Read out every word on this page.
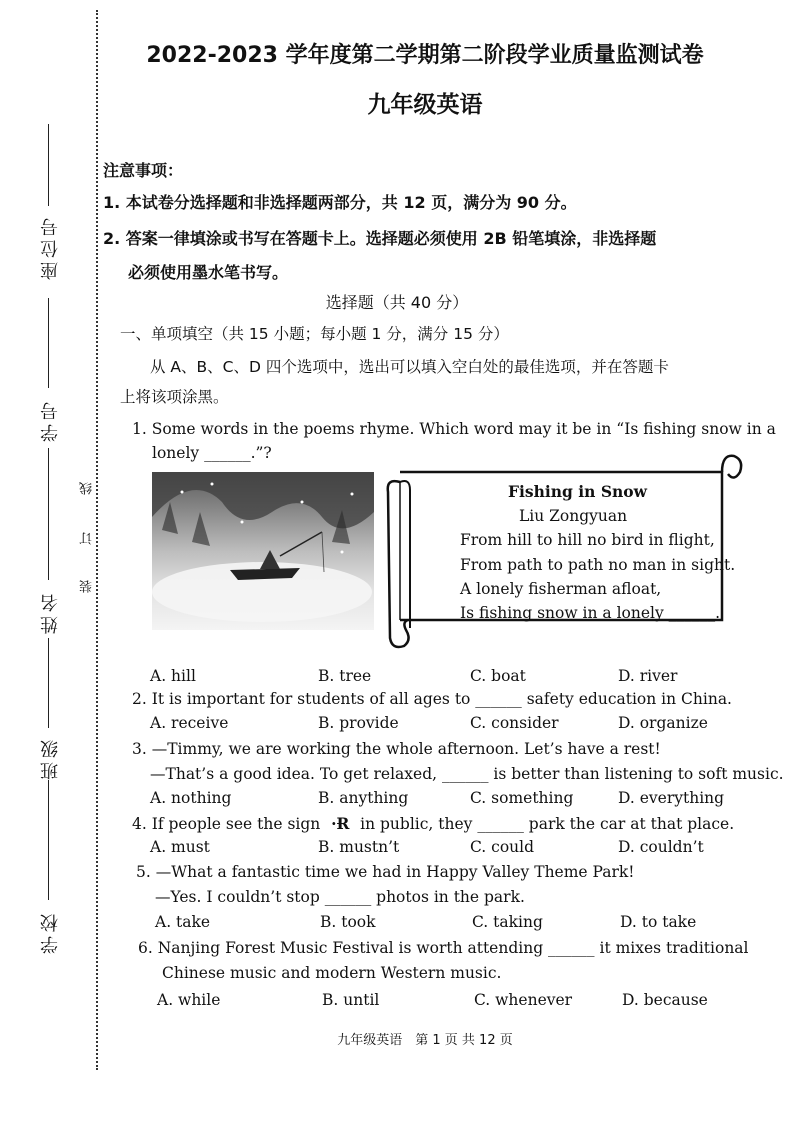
座位号
学号
姓名
班级
学校
线
订
装
2022-2023 学年度第二学期第二阶段学业质量监测试卷
九年级英语
注意事项：
1. 本试卷分选择题和非选择题两部分，共 12 页，满分为 90 分。
2. 答案一律填涂或书写在答题卡上。选择题必须使用 2B 铅笔填涂，非选择题
必须使用墨水笔书写。
选择题（共 40 分）
一、单项填空（共 15 小题；每小题 1 分，满分 15 分）
从 A、B、C、D 四个选项中，选出可以填入空白处的最佳选项，并在答题卡
上将该项涂黑。
1. Some words in the poems rhyme. Which word may it be in “Is fishing snow in a
lonely ______.”?
Fishing in Snow
Liu Zongyuan
From hill to hill no bird in flight,
From path to path no man in sight.
A lonely fisherman afloat,
Is fishing snow in a lonely ______.
A. hill	B. tree	C. boat	D. river
2. It is important for students of all ages to ______ safety education in China.
A. receive	B. provide	C. consider	D. organize
3. —Timmy, we are working the whole afternoon. Let’s have a rest!
—That’s a good idea. To get relaxed, ______ is better than listening to soft music.
A. nothing	B. anything	C. something	D. everything
4. If people see the sign ·Ɍ in public, they ______ park the car at that place.
A. must	B. mustn’t	C. could	D. couldn’t
5. —What a fantastic time we had in Happy Valley Theme Park!
—Yes. I couldn’t stop ______ photos in the park.
A. take	B. took	C. taking	D. to take
6. Nanjing Forest Music Festival is worth attending ______ it mixes traditional
Chinese music and modern Western music.
A. while	B. until	C. whenever	D. because
九年级英语　第 1 页 共 12 页
